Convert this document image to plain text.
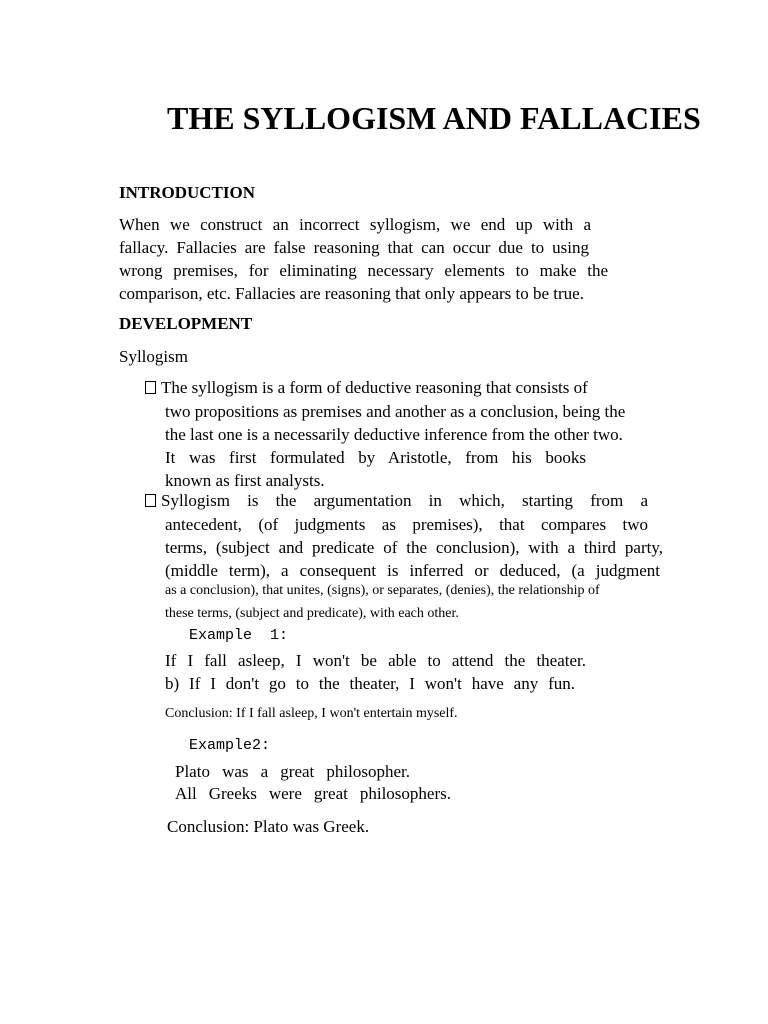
THE SYLLOGISM AND FALLACIES
INTRODUCTION
When we construct an incorrect syllogism, we end up with a
fallacy. Fallacies are false reasoning that can occur due to using
wrong premises, for eliminating necessary elements to make the
comparison, etc. Fallacies are reasoning that only appears to be true.
DEVELOPMENT
Syllogism
The syllogism is a form of deductive reasoning that consists of
two propositions as premises and another as a conclusion, being the
the last one is a necessarily deductive inference from the other two.
It was first formulated by Aristotle, from his books
known as first analysts.
Syllogism is the argumentation in which, starting from a
antecedent, (of judgments as premises), that compares two
terms, (subject and predicate of the conclusion), with a third party,
(middle term), a consequent is inferred or deduced, (a judgment
as a conclusion), that unites, (signs), or separates, (denies), the relationship of
these terms, (subject and predicate), with each other.
Example  1:
If I fall asleep, I won't be able to attend the theater.
b) If I don't go to the theater, I won't have any fun.
Conclusion: If I fall asleep, I won't entertain myself.
Example2:
Plato was a great philosopher.
All Greeks were great philosophers.
Conclusion: Plato was Greek.
